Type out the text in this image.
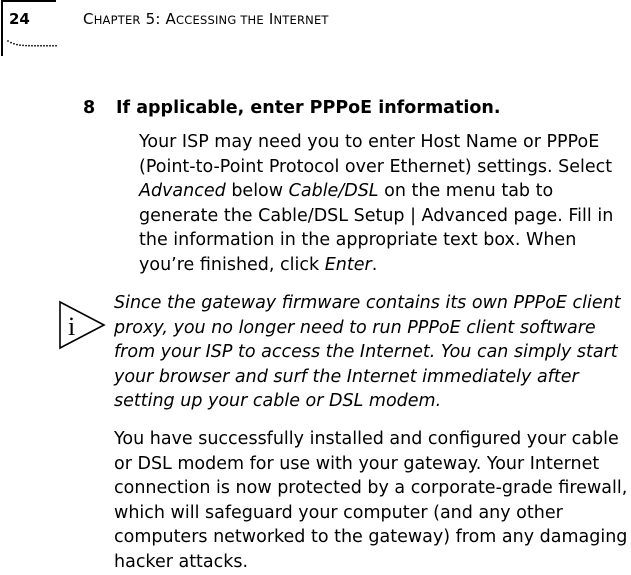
24	CHAPTER 5: ACCESSING THE INTERNET
8 If applicable, enter PPPoE information.

Your ISP may need you to enter Host Name or PPPoE
(Point-to-Point Protocol over Ethernet) settings. Select
Advanced below Cable/DSL on the menu tab to
generate the Cable/DSL Setup | Advanced page. Fill in
the information in the appropriate text box. When
you’re finished, click Enter.

i

Since the gateway firmware contains its own PPPoE client
proxy, you no longer need to run PPPoE client software
from your ISP to access the Internet. You can simply start
your browser and surf the Internet immediately after
setting up your cable or DSL modem.

You have successfully installed and configured your cable
or DSL modem for use with your gateway. Your Internet
connection is now protected by a corporate-grade firewall,
which will safeguard your computer (and any other
computers networked to the gateway) from any damaging
hacker attacks.
